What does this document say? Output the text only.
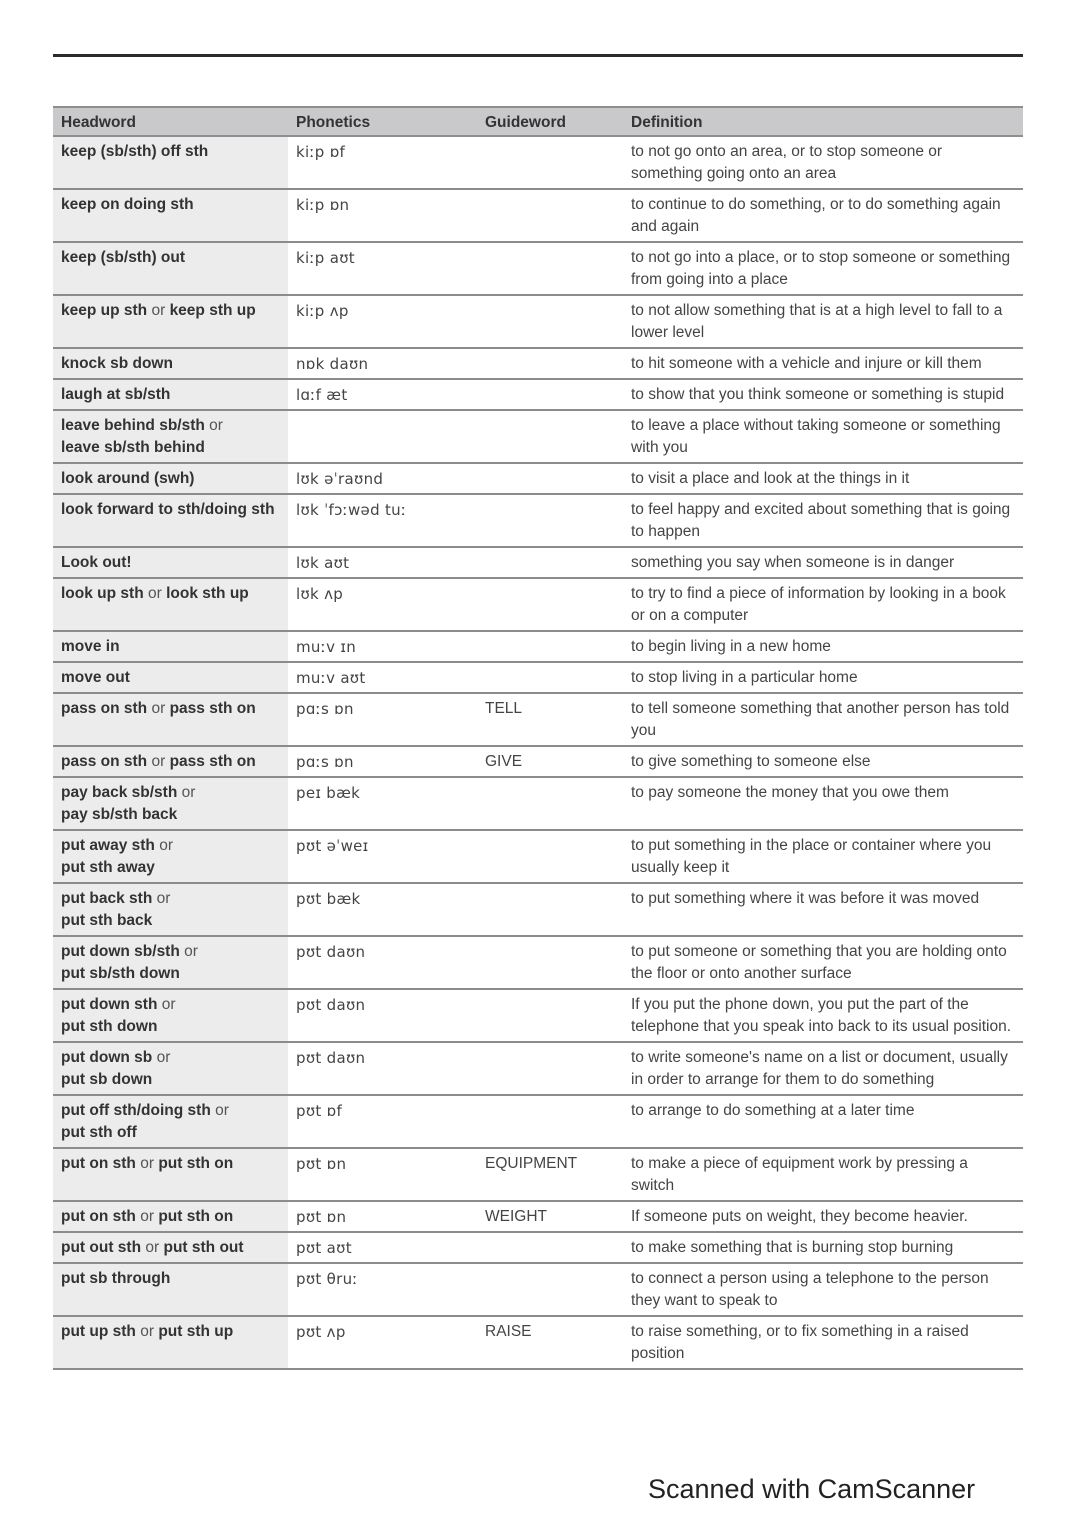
Headword	Phonetics	Guideword	Definition
keep (sb/sth) off sth	kiːp ɒf		to not go onto an area, or to stop someone or something going onto an area
keep on doing sth	kiːp ɒn		to continue to do something, or to do something again and again
keep (sb/sth) out	kiːp aʊt		to not go into a place, or to stop someone or something from going into a place
keep up sth or keep sth up	kiːp ʌp		to not allow something that is at a high level to fall to a lower level
knock sb down	nɒk daʊn		to hit someone with a vehicle and injure or kill them
laugh at sb/sth	lɑːf æt		to show that you think someone or something is stupid
leave behind sb/sth or
leave sb/sth behind			to leave a place without taking someone or something with you
look around (swh)	lʊk əˈraʊnd		to visit a place and look at the things in it
look forward to sth/doing sth	lʊk ˈfɔːwəd tuː		to feel happy and excited about something that is going to happen
Look out!	lʊk aʊt		something you say when someone is in danger
look up sth or look sth up	lʊk ʌp		to try to find a piece of information by looking in a book or on a computer
move in	muːv ɪn		to begin living in a new home
move out	muːv aʊt		to stop living in a particular home
pass on sth or pass sth on	pɑːs ɒn	TELL	to tell someone something that another person has told you
pass on sth or pass sth on	pɑːs ɒn	GIVE	to give something to someone else
pay back sb/sth or
pay sb/sth back	peɪ bæk		to pay someone the money that you owe them
put away sth or
put sth away	pʊt əˈweɪ		to put something in the place or container where you usually keep it
put back sth or
put sth back	pʊt bæk		to put something where it was before it was moved
put down sb/sth or
put sb/sth down	pʊt daʊn		to put someone or something that you are holding onto the floor or onto another surface
put down sth or
put sth down	pʊt daʊn		If you put the phone down, you put the part of the telephone that you speak into back to its usual position.
put down sb or
put sb down	pʊt daʊn		to write someone's name on a list or document, usually in order to arrange for them to do something
put off sth/doing sth or
put sth off	pʊt ɒf		to arrange to do something at a later time
put on sth or put sth on	pʊt ɒn	EQUIPMENT	to make a piece of equipment work by pressing a switch
put on sth or put sth on	pʊt ɒn	WEIGHT	If someone puts on weight, they become heavier.
put out sth or put sth out	pʊt aʊt		to make something that is burning stop burning
put sb through	pʊt θruː		to connect a person using a telephone to the person they want to speak to
put up sth or put sth up	pʊt ʌp	RAISE	to raise something, or to fix something in a raised position
Scanned with CamScanner
